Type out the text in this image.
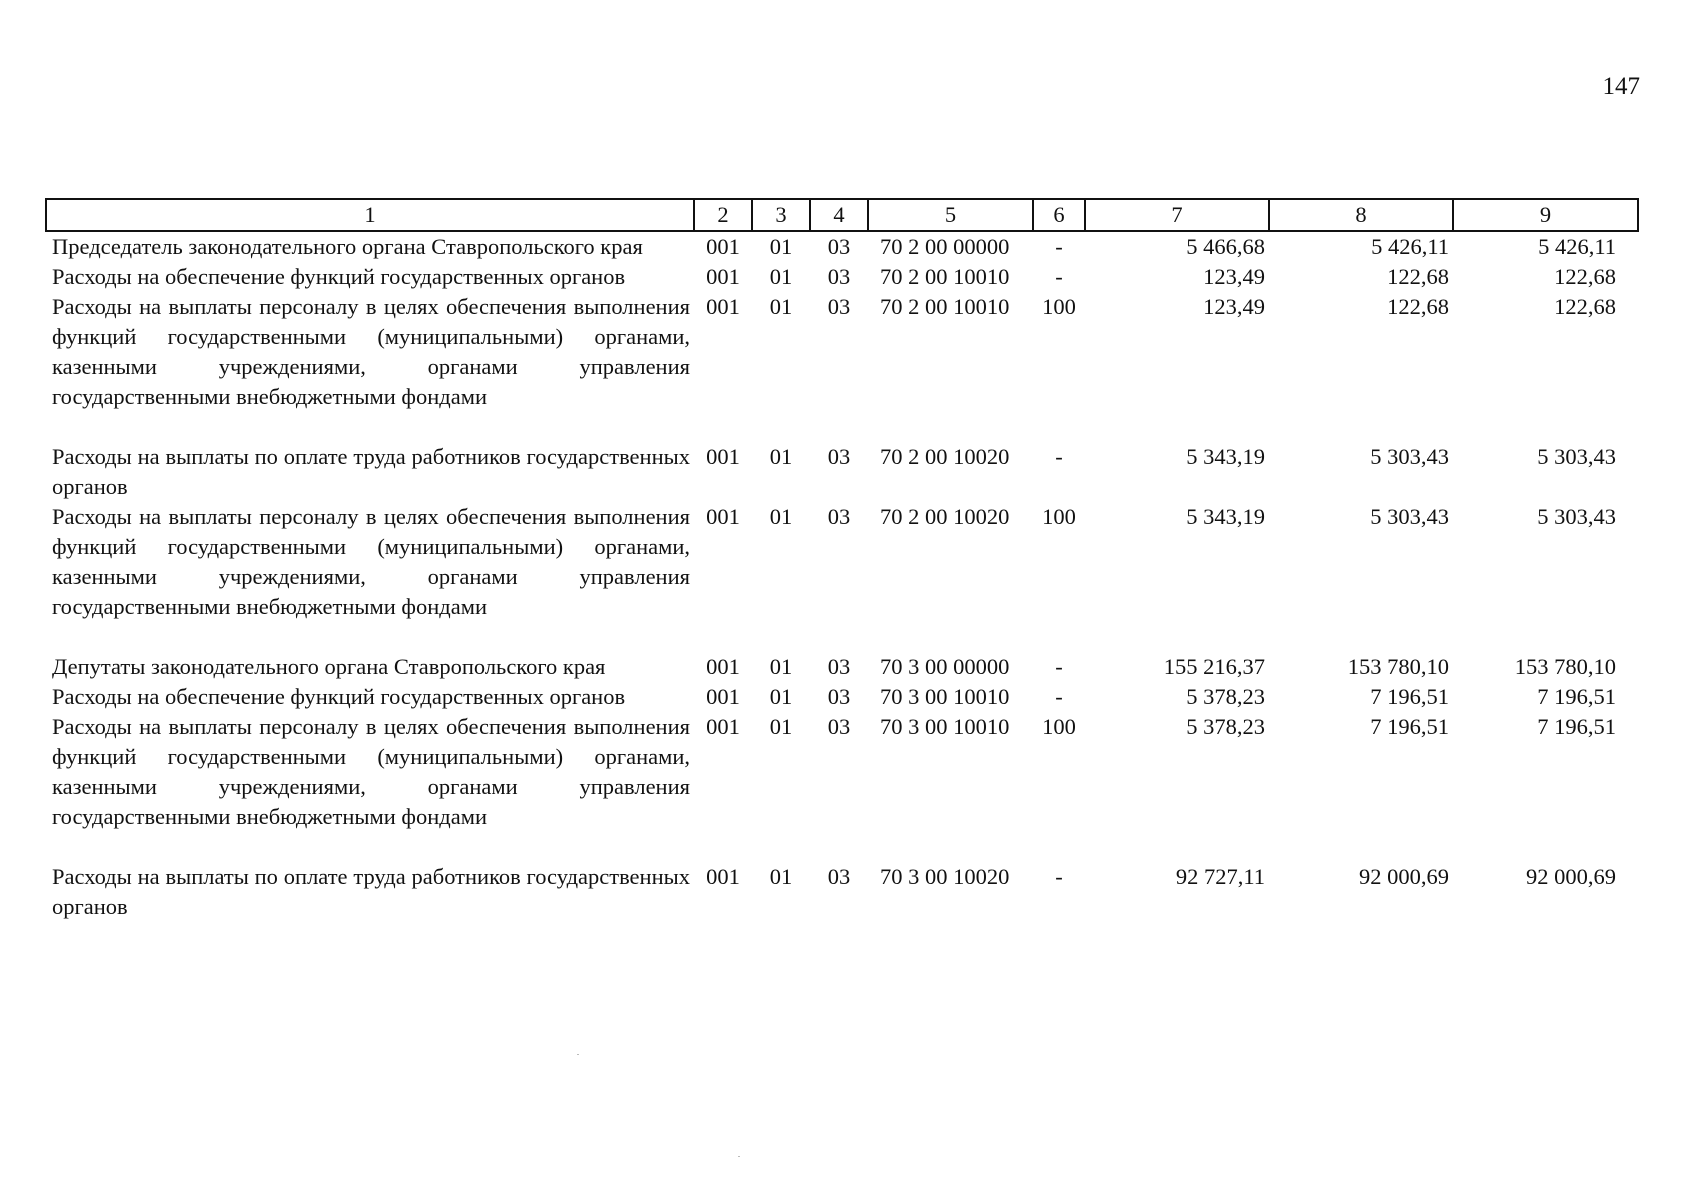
147
1	2	3	4	5	6	7	8	9
Председатель законодательного органа Ставропольского края	001	01	03	70 2 00 00000	-	5 466,68	5 426,11	5 426,11
Расходы на обеспечение функций государственных органов	001	01	03	70 2 00 10010	-	123,49	122,68	122,68
Расходы на выплаты персоналу в целях обеспечения выполнения функций государственными (муниципальными) органами, казенными учреждениями, органами управления государственными внебюджетными фондами	001	01	03	70 2 00 10010	100	123,49	122,68	122,68
Расходы на выплаты по оплате труда работников государственных органов	001	01	03	70 2 00 10020	-	5 343,19	5 303,43	5 303,43
Расходы на выплаты персоналу в целях обеспечения выполнения функций государственными (муниципальными) органами, казенными учреждениями, органами управления государственными внебюджетными фондами	001	01	03	70 2 00 10020	100	5 343,19	5 303,43	5 303,43
Депутаты законодательного органа Ставропольского края	001	01	03	70 3 00 00000	-	155 216,37	153 780,10	153 780,10
Расходы на обеспечение функций государственных органов	001	01	03	70 3 00 10010	-	5 378,23	7 196,51	7 196,51
Расходы на выплаты персоналу в целях обеспечения выполнения функций государственными (муниципальными) органами, казенными учреждениями, органами управления государственными внебюджетными фондами	001	01	03	70 3 00 10010	100	5 378,23	7 196,51	7 196,51
Расходы на выплаты по оплате труда работников государственных органов	001	01	03	70 3 00 10020	-	92 727,11	92 000,69	92 000,69
